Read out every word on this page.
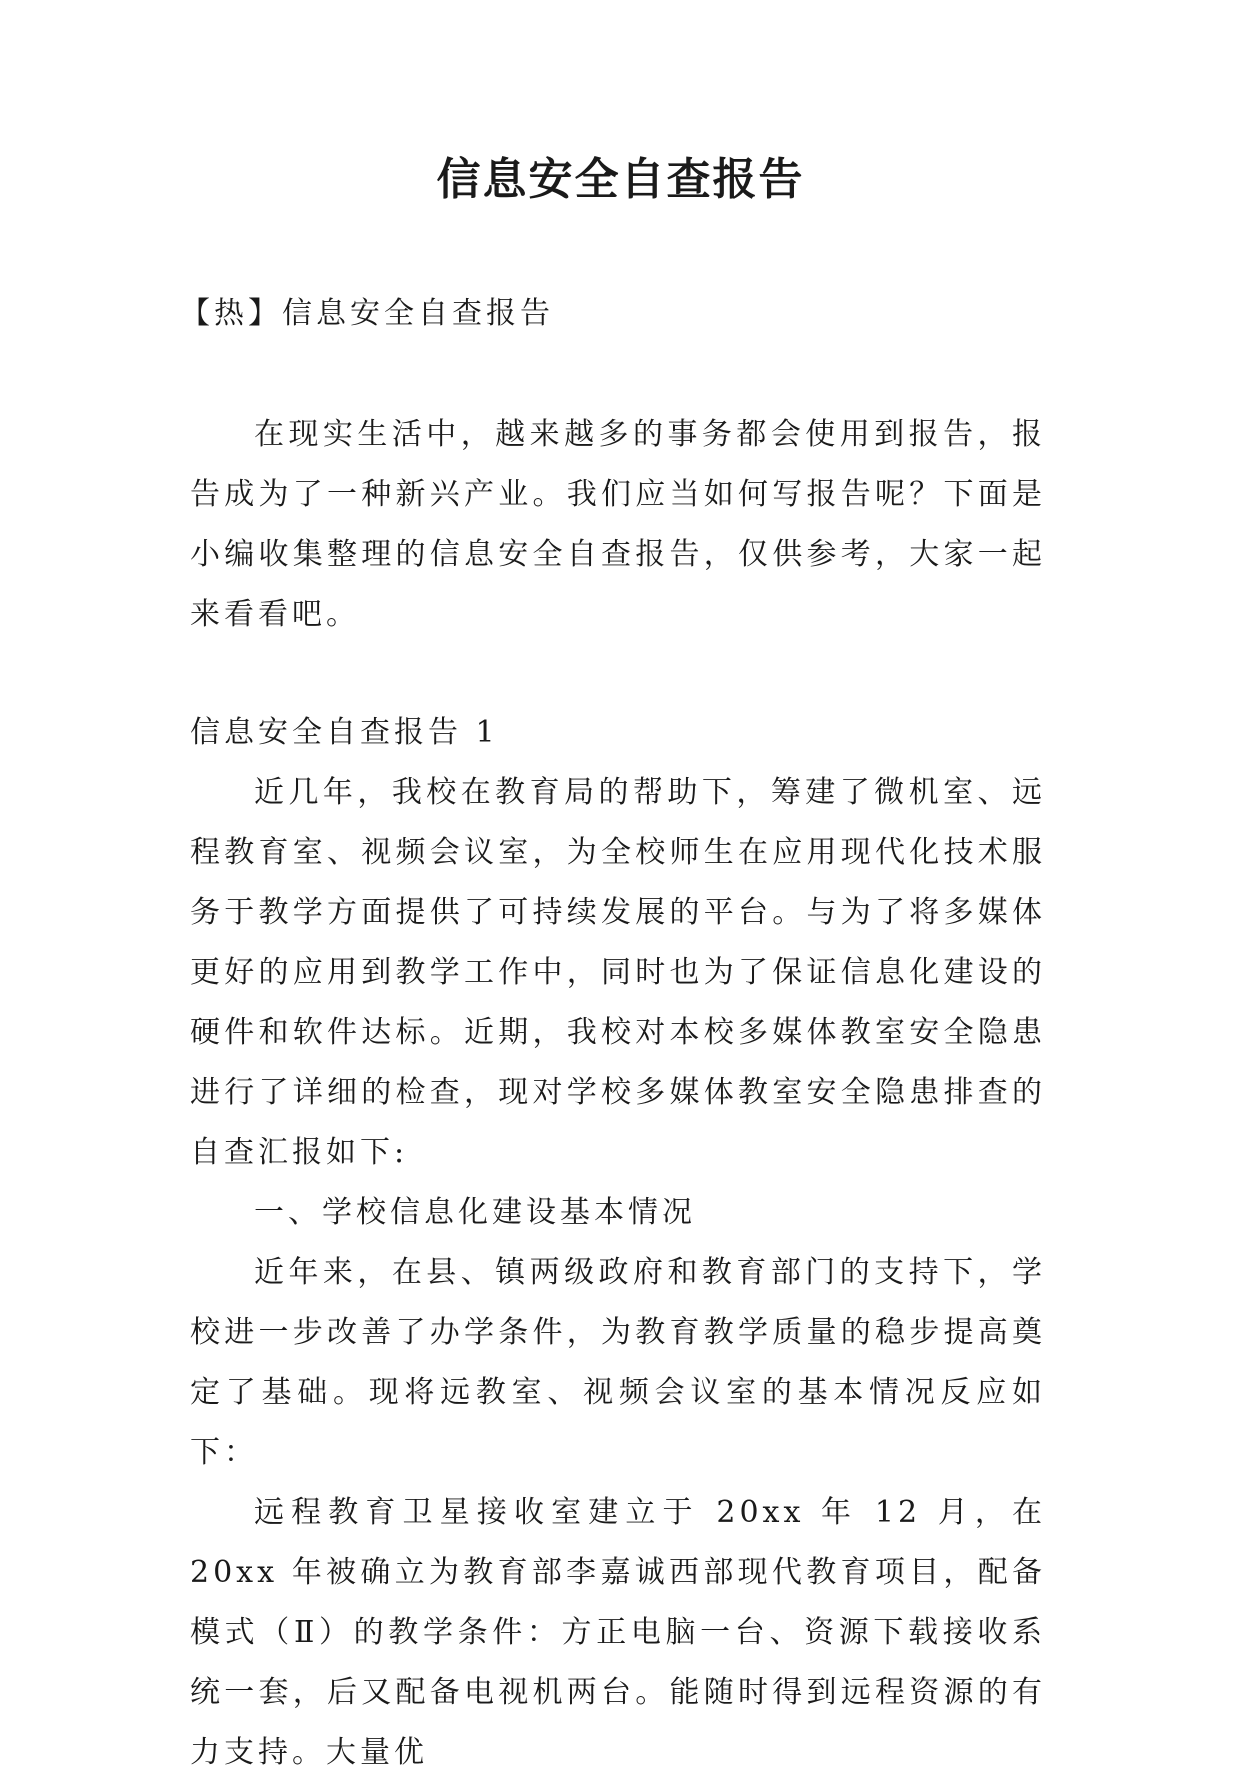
信息安全自查报告
【热】信息安全自查报告

在现实生活中，越来越多的事务都会使用到报告，报告成为了一种新兴产业。我们应当如何写报告呢？下面是小编收集整理的信息安全自查报告，仅供参考，大家一起来看看吧。

信息安全自查报告 1

近几年，我校在教育局的帮助下，筹建了微机室、远程教育室、视频会议室，为全校师生在应用现代化技术服务于教学方面提供了可持续发展的平台。与为了将多媒体更好的应用到教学工作中，同时也为了保证信息化建设的硬件和软件达标。近期，我校对本校多媒体教室安全隐患进行了详细的检查，现对学校多媒体教室安全隐患排查的自查汇报如下:

一、学校信息化建设基本情况

近年来，在县、镇两级政府和教育部门的支持下，学校进一步改善了办学条件，为教育教学质量的稳步提高奠定了基础。现将远教室、视频会议室的基本情况反应如下：

远程教育卫星接收室建立于 20xx 年 12 月，在 20xx 年被确立为教育部李嘉诚西部现代教育项目，配备模式（Ⅱ）的教学条件：方正电脑一台、资源下载接收系统一套，后又配备电视机两台。能随时得到远程资源的有力支持。大量优
